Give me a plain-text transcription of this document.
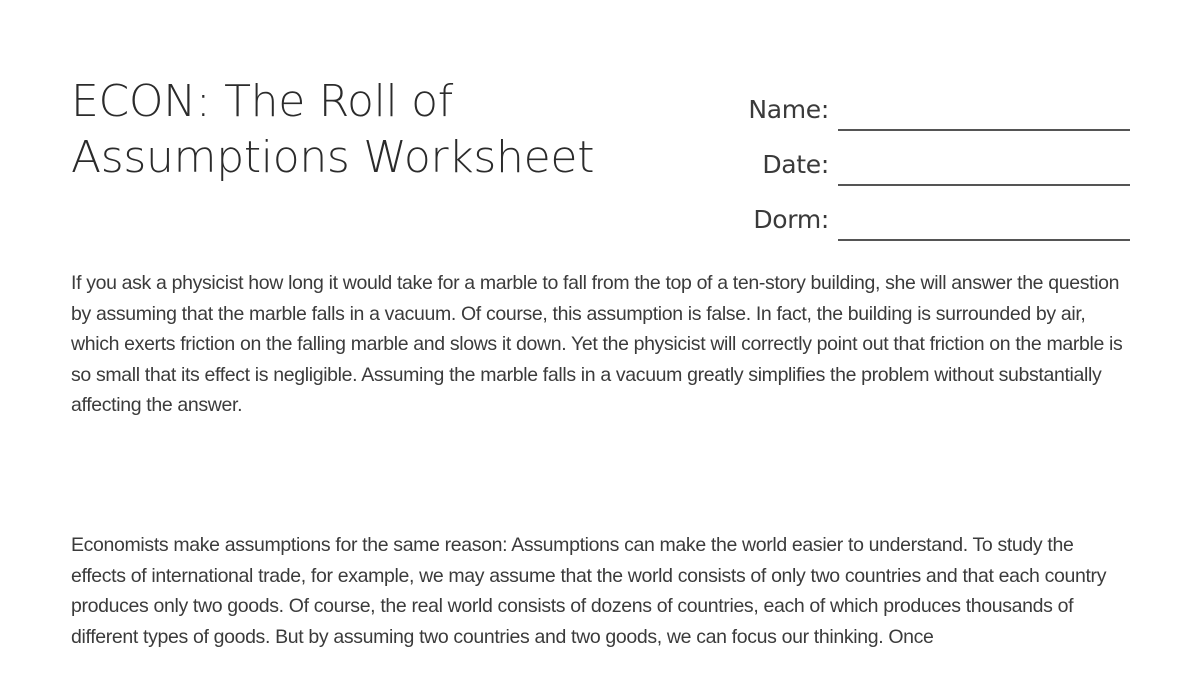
ECON: The Roll of Assumptions Worksheet
Name:
Date:
Dorm:

If you ask a physicist how long it would take for a marble to fall from the top of a ten-story building, she will answer the question by assuming that the marble falls in a vacuum. Of course, this assumption is false. In fact, the building is surrounded by air, which exerts friction on the falling marble and slows it down. Yet the physicist will correctly point out that friction on the marble is so small that its effect is negligible. Assuming the marble falls in a vacuum greatly simplifies the problem without substantially affecting the answer.

Economists make assumptions for the same reason: Assumptions can make the world easier to understand. To study the effects of international trade, for example, we may assume that the world consists of only two countries and that each country produces only two goods. Of course, the real world consists of dozens of countries, each of which produces thousands of different types of goods. But by assuming two countries and two goods, we can focus our thinking. Once
